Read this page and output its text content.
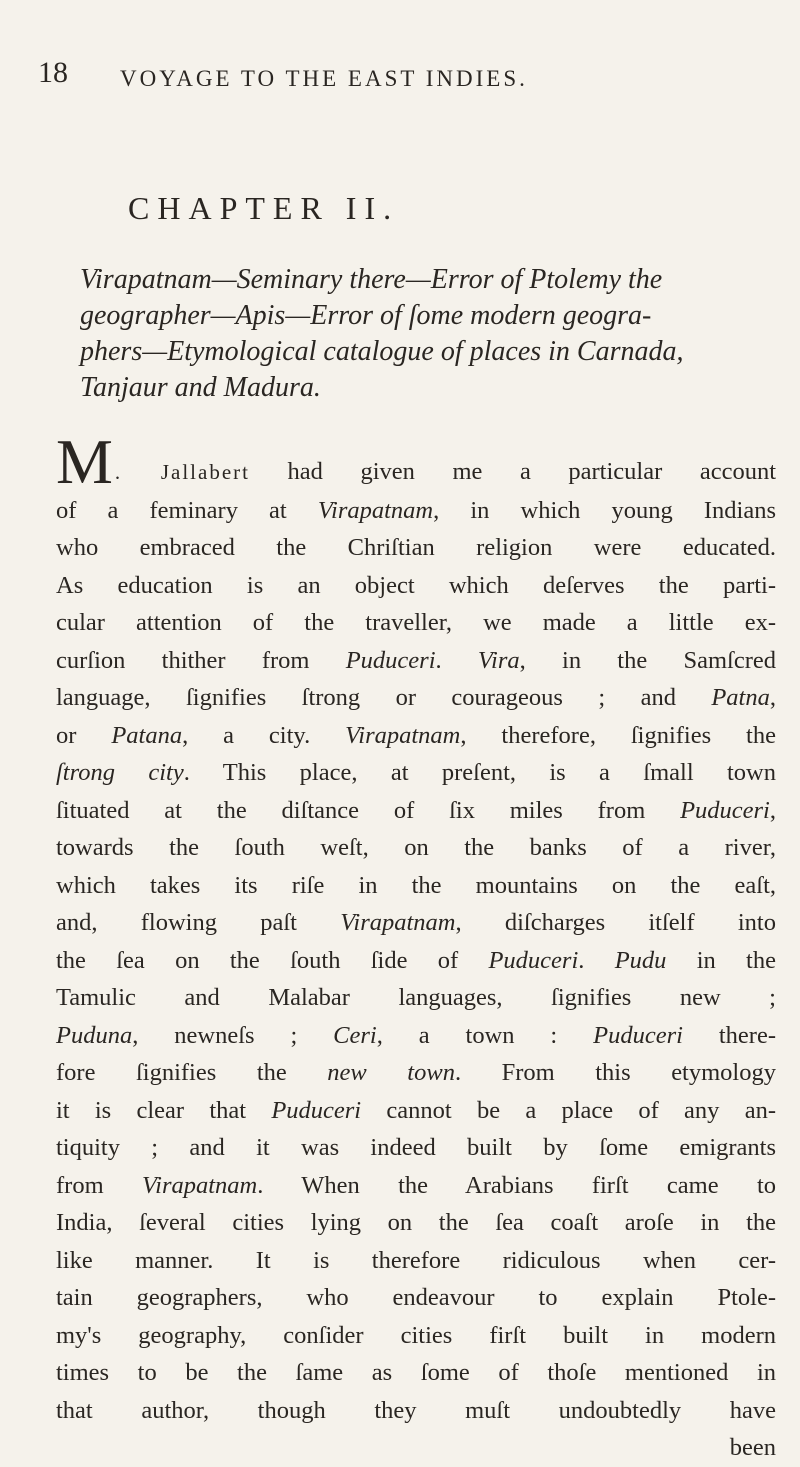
18 VOYAGE TO THE EAST INDIES.
CHAPTER II.
Virapatnam—Seminary there—Error of Ptolemy the
geographer—Apis—Error of ſome modern geogra-
phers—Etymological catalogue of places in Carnada,
Tanjaur and Madura.
M. Jallabert had given me a particular account
of a feminary at Virapatnam, in which young Indians
who embraced the Chriſtian religion were educated.
As education is an object which deſerves the parti-
cular attention of the traveller, we made a little ex-
curſion thither from Puduceri. Vira, in the Samſcred
language, ſignifies ſtrong or courageous ; and Patna,
or Patana, a city. Virapatnam, therefore, ſignifies the
ſtrong city. This place, at preſent, is a ſmall town
ſituated at the diſtance of ſix miles from Puduceri,
towards the ſouth weſt, on the banks of a river,
which takes its riſe in the mountains on the eaſt,
and, flowing paſt Virapatnam, diſcharges itſelf into
the ſea on the ſouth ſide of Puduceri. Pudu in the
Tamulic and Malabar languages, ſignifies new ;
Puduna, newneſs ; Ceri, a town : Puduceri there-
fore ſignifies the new town. From this etymology
it is clear that Puduceri cannot be a place of any an-
tiquity ; and it was indeed built by ſome emigrants
from Virapatnam. When the Arabians firſt came to
India, ſeveral cities lying on the ſea coaſt aroſe in the
like manner. It is therefore ridiculous when cer-
tain geographers, who endeavour to explain Ptole-
my's geography, conſider cities firſt built in modern
times to be the ſame as ſome of thoſe mentioned in
that author, though they muſt undoubtedly have
been
